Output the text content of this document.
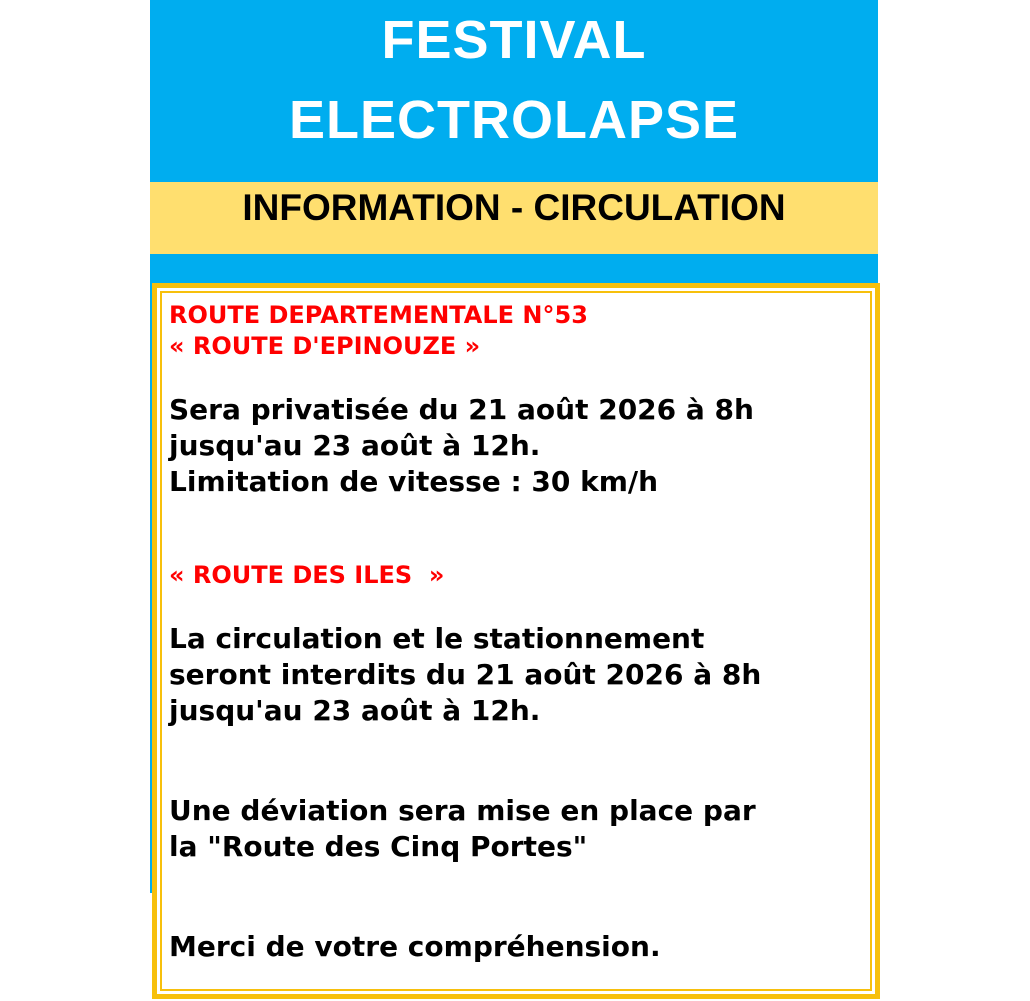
FESTIVAL
ELECTROLAPSE
INFORMATION - CIRCULATION
ROUTE DEPARTEMENTALE N°53
« ROUTE D'EPINOUZE »
Sera privatisée du 21 août 2026 à 8h
jusqu'au 23 août à 12h.
Limitation de vitesse : 30 km/h
« ROUTE DES ILES  »
La circulation et le stationnement
seront interdits du 21 août 2026 à 8h
jusqu'au 23 août à 12h.
Une déviation sera mise en place par
la "Route des Cinq Portes"
Merci de votre compréhension.
